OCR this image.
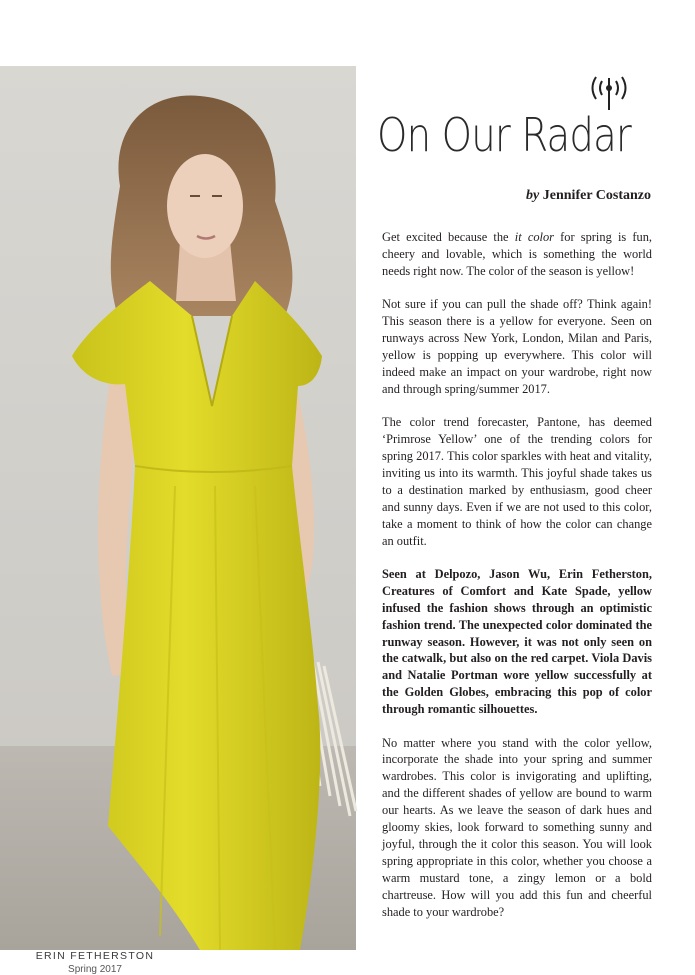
ERIN FETHERSTON
Spring 2017
On Our Radar
by Jennifer Costanzo

Get excited because the it color for spring is fun, cheery and lovable, which is something the world needs right now. The color of the season is yellow!

Not sure if you can pull the shade off? Think again! This season there is a yellow for everyone. Seen on runways across New York, London, Milan and Paris, yellow is popping up everywhere. This color will indeed make an impact on your wardrobe, right now and through spring/summer 2017.

The color trend forecaster, Pantone, has deemed ‘Primrose Yellow’ one of the trending colors for spring 2017. This color sparkles with heat and vitality, inviting us into its warmth. This joyful shade takes us to a destination marked by enthusiasm, good cheer and sunny days. Even if we are not used to this color, take a moment to think of how the color can change an outfit.

Seen at Delpozo, Jason Wu, Erin Fetherston, Creatures of Comfort and Kate Spade, yellow infused the fashion shows through an optimistic fashion trend. The unexpected color dominated the runway season. However, it was not only seen on the catwalk, but also on the red carpet. Viola Davis and Natalie Portman wore yellow successfully at the Golden Globes, embracing this pop of color through romantic silhouettes.

No matter where you stand with the color yellow, incorporate the shade into your spring and summer wardrobes. This color is invigorating and uplifting, and the different shades of yellow are bound to warm our hearts. As we leave the season of dark hues and gloomy skies, look forward to something sunny and joyful, through the it color this season. You will look spring appropriate in this color, whether you choose a warm mustard tone, a zingy lemon or a bold chartreuse. How will you add this fun and cheerful shade to your wardrobe?
